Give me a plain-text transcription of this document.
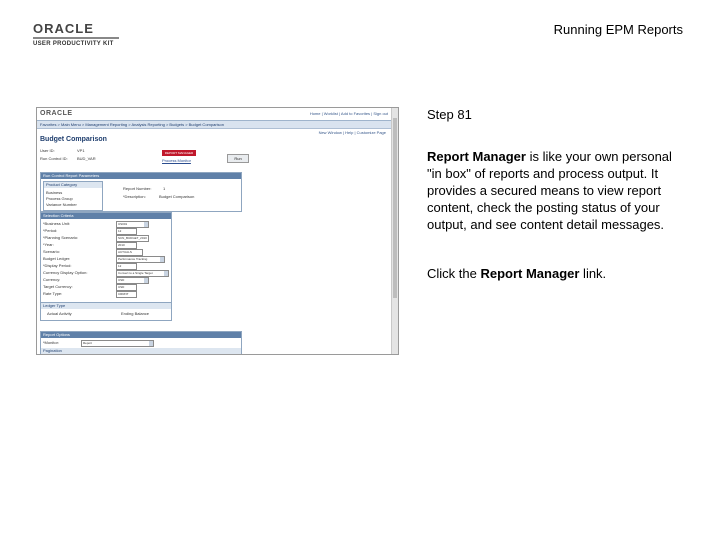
ORACLE
USER PRODUCTIVITY KIT
Running EPM Reports
ORACLE	Home | Worklist | Add to Favorites | Sign out
Favorites > Main Menu > Management Reporting > Analysis Reporting > Budgets > Budget Comparison
New Window | Help | Customize Page
Budget Comparison
User ID:	VP1
Run Control ID: BUD_VAR
REPORT MANAGER
Process Monitor	Run
Run Control Report Parameters
Product Category
Business
Process Group
Variance Number
Report Number:	1
*Description:	Budget Comparison
Selection Criteria
*Business Unit:	US001
*Period:	12
*Planning Scenario:	SCN_BUDGET_2010
*Year:	2010
Scenario:	ACTUALS
Budget Ledger:	Performance Tracking
*Display Period:	12
Currency Display Option:	Convert to a Single Target
Currency:	USD
Target Currency:	USD
Rate Type:	CRRNT
Ledger Type
Actual Activity	Ending Balance
Report Options
*Monitor:	Report
Pagination
Step 81
Report Manager is like your own personal "in box" of reports and process output. It provides a secured means to view report content, check the posting status of your output, and see content detail messages.
Click the Report Manager link.
